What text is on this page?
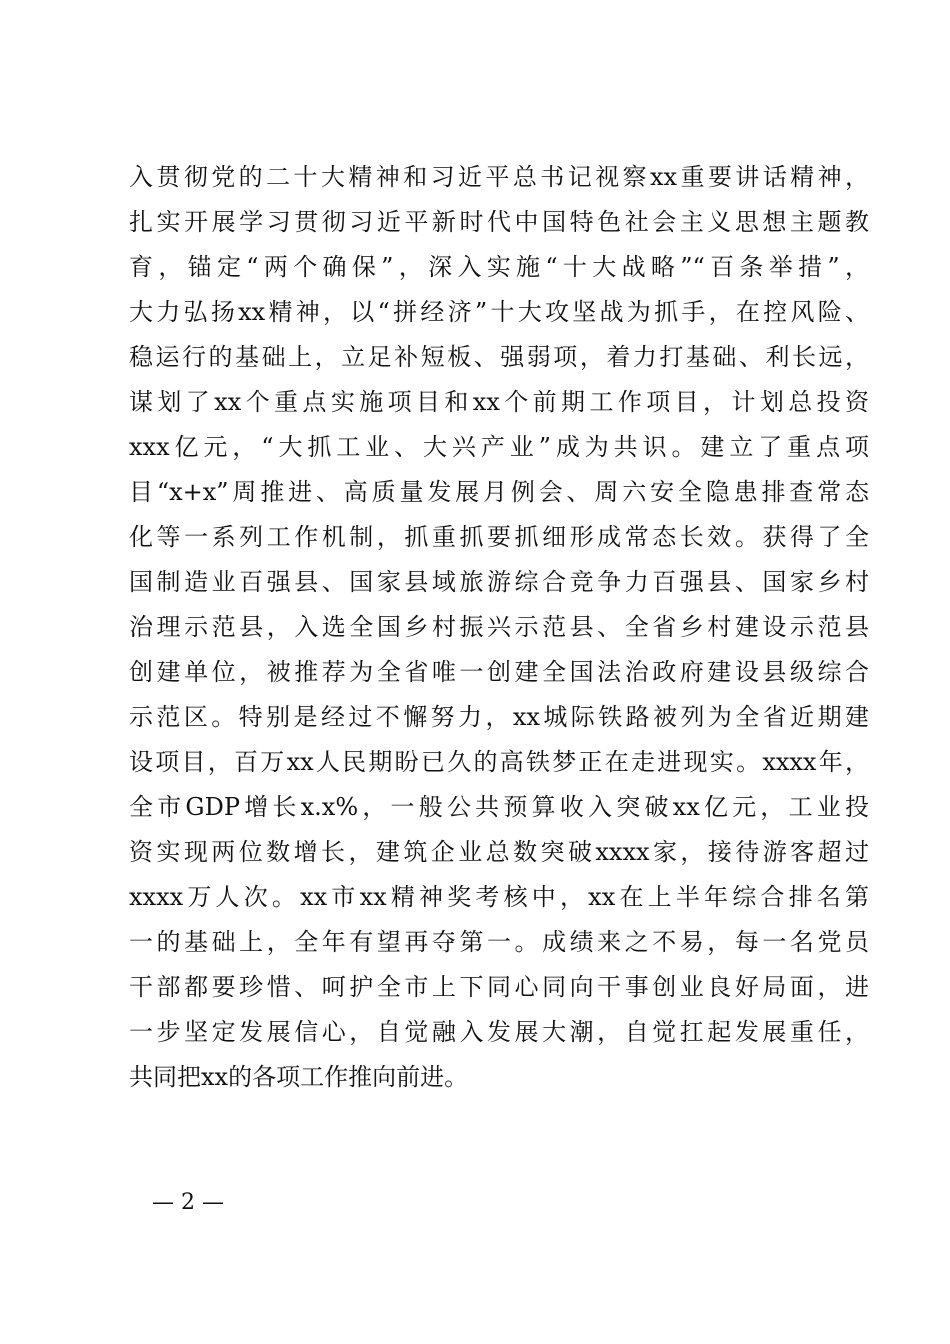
入贯彻党的二十大精神和习近平总书记视察xx重要讲话精神，
扎实开展学习贯彻习近平新时代中国特色社会主义思想主题教
育，锚定“两个确保”，深入实施“十大战略”“百条举措”，
大力弘扬xx精神，以“拼经济”十大攻坚战为抓手，在控风险、
稳运行的基础上，立足补短板、强弱项，着力打基础、利长远，
谋划了xx个重点实施项目和xx个前期工作项目，计划总投资
xxx亿元，“大抓工业、大兴产业”成为共识。建立了重点项
目“x+x”周推进、高质量发展月例会、周六安全隐患排查常态
化等一系列工作机制，抓重抓要抓细形成常态长效。获得了全
国制造业百强县、国家县域旅游综合竞争力百强县、国家乡村
治理示范县，入选全国乡村振兴示范县、全省乡村建设示范县
创建单位，被推荐为全省唯一创建全国法治政府建设县级综合
示范区。特别是经过不懈努力，xx城际铁路被列为全省近期建
设项目，百万xx人民期盼已久的高铁梦正在走进现实。xxxx年，
全市GDP增长x.x%，一般公共预算收入突破xx亿元，工业投
资实现两位数增长，建筑企业总数突破xxxx家，接待游客超过
xxxx万人次。xx市xx精神奖考核中，xx在上半年综合排名第
一的基础上，全年有望再夺第一。成绩来之不易，每一名党员
干部都要珍惜、呵护全市上下同心同向干事创业良好局面，进
一步坚定发展信心，自觉融入发展大潮，自觉扛起发展重任，
共同把xx的各项工作推向前进。
— 2 —
